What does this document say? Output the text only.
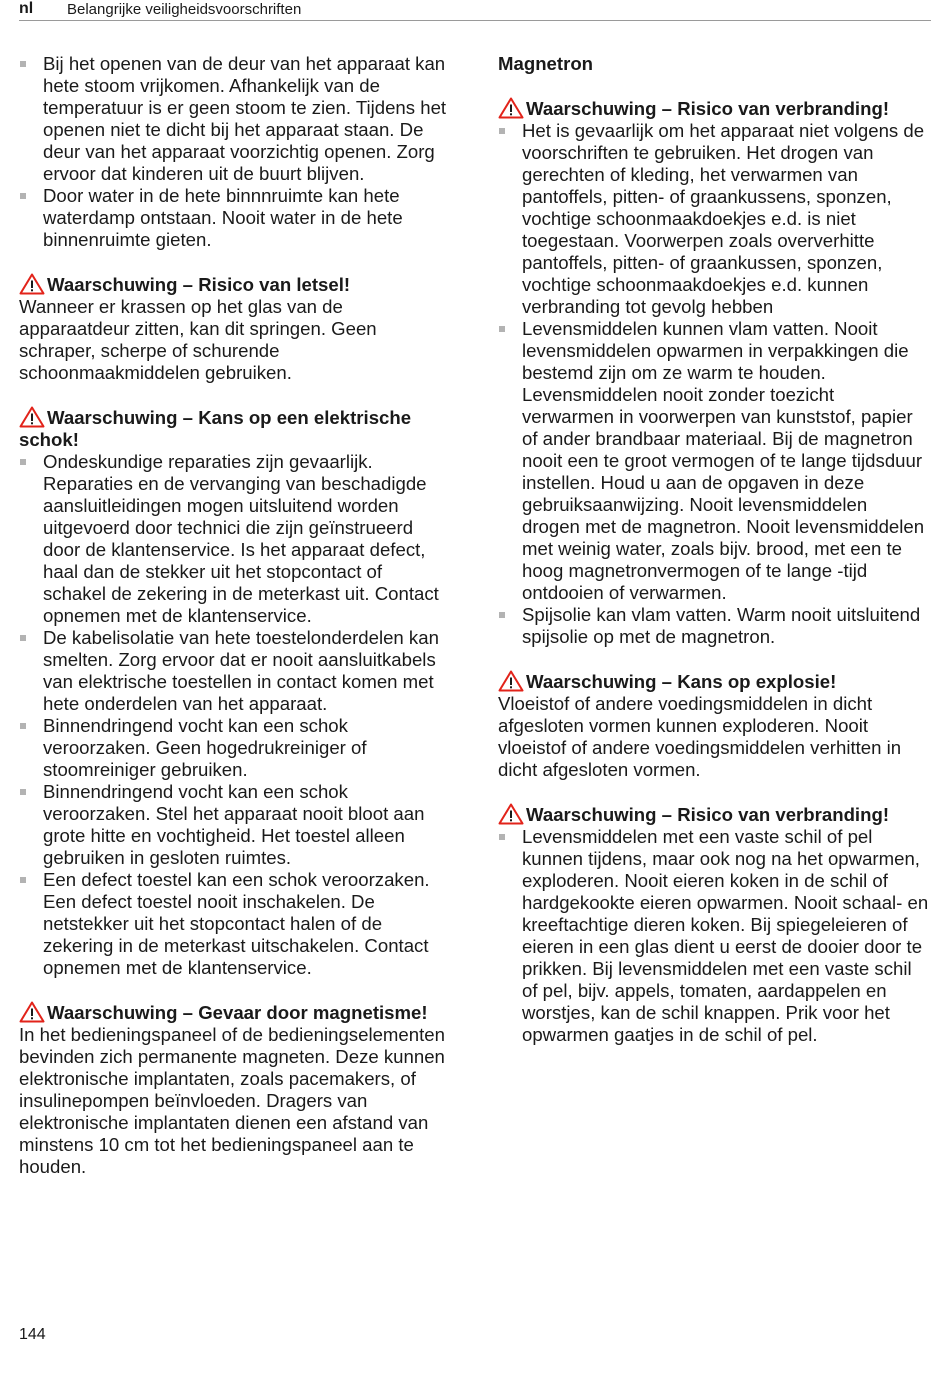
nl Belangrijke veiligheidsvoorschriften
Bij het openen van de deur van het apparaat kan hete stoom vrijkomen. Afhankelijk van de temperatuur is er geen stoom te zien. Tijdens het openen niet te dicht bij het apparaat staan. De deur van het apparaat voorzichtig openen. Zorg ervoor dat kinderen uit de buurt blijven.
Door water in de hete binnnruimte kan hete waterdamp ontstaan. Nooit water in de hete binnenruimte gieten.
Waarschuwing – Risico van letsel!

Wanneer er krassen op het glas van de apparaatdeur zitten, kan dit springen. Geen schraper, scherpe of schurende schoonmaakmiddelen gebruiken.

Waarschuwing – Kans op een elektrische schok!
Ondeskundige reparaties zijn gevaarlijk. Reparaties en de vervanging van beschadigde aansluitleidingen mogen uitsluitend worden uitgevoerd door technici die zijn geïnstrueerd door de klantenservice. Is het apparaat defect, haal dan de stekker uit het stopcontact of schakel de zekering in de meterkast uit. Contact opnemen met de klantenservice.
De kabelisolatie van hete toestelonderdelen kan smelten. Zorg ervoor dat er nooit aansluitkabels van elektrische toestellen in contact komen met hete onderdelen van het apparaat.
Binnendringend vocht kan een schok veroorzaken. Geen hogedrukreiniger of stoomreiniger gebruiken.
Binnendringend vocht kan een schok veroorzaken. Stel het apparaat nooit bloot aan grote hitte en vochtigheid. Het toestel alleen gebruiken in gesloten ruimtes.
Een defect toestel kan een schok veroorzaken. Een defect toestel nooit inschakelen. De netstekker uit het stopcontact halen of de zekering in de meterkast uitschakelen. Contact opnemen met de klantenservice.
Waarschuwing – Gevaar door magnetisme!

In het bedieningspaneel of de bedieningselementen bevinden zich permanente magneten. Deze kunnen elektronische implantaten, zoals pacemakers, of insulinepompen beïnvloeden. Dragers van elektronische implantaten dienen een afstand van minstens 10 cm tot het bedieningspaneel aan te houden.

Magnetron
Waarschuwing – Risico van verbranding!
Het is gevaarlijk om het apparaat niet volgens de voorschriften te gebruiken. Het drogen van gerechten of kleding, het verwarmen van pantoffels, pitten- of graankussens, sponzen, vochtige schoonmaakdoekjes e.d. is niet toegestaan. Voorwerpen zoals oververhitte pantoffels, pitten- of graankussen, sponzen, vochtige schoonmaakdoekjes e.d. kunnen verbranding tot gevolg hebben
Levensmiddelen kunnen vlam vatten. Nooit levensmiddelen opwarmen in verpakkingen die bestemd zijn om ze warm te houden. Levensmiddelen nooit zonder toezicht verwarmen in voorwerpen van kunststof, papier of ander brandbaar materiaal. Bij de magnetron nooit een te groot vermogen of te lange tijdsduur instellen. Houd u aan de opgaven in deze gebruiksaanwijzing. Nooit levensmiddelen drogen met de magnetron. Nooit levensmiddelen met weinig water, zoals bijv. brood, met een te hoog magnetronvermogen of te lange -tijd ontdooien of verwarmen.
Spijsolie kan vlam vatten. Warm nooit uitsluitend spijsolie op met de magnetron.
Waarschuwing – Kans op explosie!

Vloeistof of andere voedingsmiddelen in dicht afgesloten vormen kunnen exploderen. Nooit vloeistof of andere voedingsmiddelen verhitten in dicht afgesloten vormen.

Waarschuwing – Risico van verbranding!
Levensmiddelen met een vaste schil of pel kunnen tijdens, maar ook nog na het opwarmen, exploderen. Nooit eieren koken in de schil of hardgekookte eieren opwarmen. Nooit schaal- en kreeftachtige dieren koken. Bij spiegeleieren of eieren in een glas dient u eerst de dooier door te prikken. Bij levensmiddelen met een vaste schil of pel, bijv. appels, tomaten, aardappelen en worstjes, kan de schil knappen. Prik voor het opwarmen gaatjes in de schil of pel.
144
